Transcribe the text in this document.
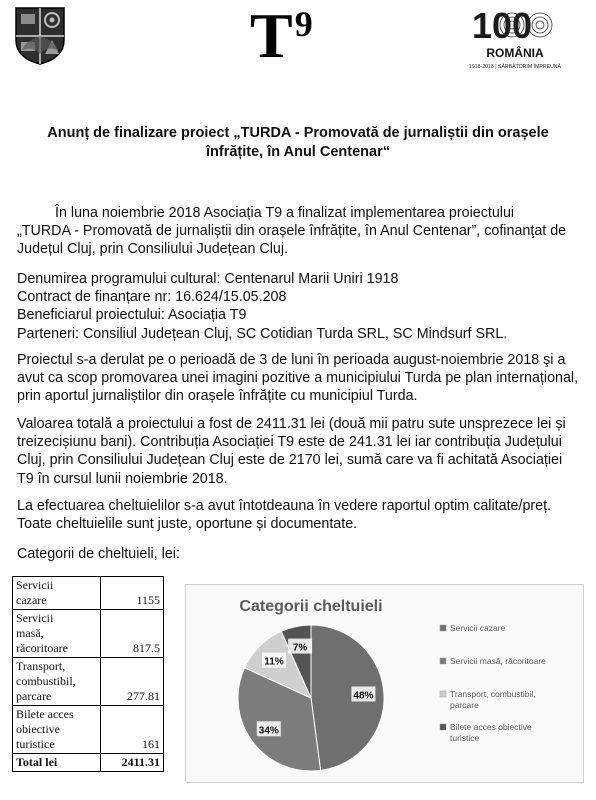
$T^9$	100
ROMÂNIA
1918-2018 | SĂRBĂTORIM ÎMPREUNĂ
Anunț de finalizare proiect „TURDA - Promovată de jurnaliștii din orașele
înfrățite, în Anul Centenar“
În luna noiembrie 2018 Asociația T9 a finalizat implementarea proiectului
„TURDA - Promovată de jurnaliștii din orașele înfrățite, în Anul Centenar”, cofinanţat de
Județul Cluj, prin Consiliului Județean Cluj.
Denumirea programului cultural: Centenarul Marii Uniri 1918
Contract de finanțare nr: 16.624/15.05.208
Beneficiarul proiectului: Asociația T9
Parteneri: Consiliul Județean Cluj, SC Cotidian Turda SRL, SC Mindsurf SRL.
Proiectul s-a derulat pe o perioadă de 3 de luni în perioada august-noiembrie 2018 şi a
avut ca scop promovarea unei imagini pozitive a municipiului Turda pe plan internațional,
prin aportul jurnaliștilor din orașele înfrățite cu municipiul Turda.
Valoarea totală a proiectului a fost de 2411.31 lei (două mii patru sute unsprezece lei și
treizecișiunu bani). Contribuția Asociației T9 este de 241.31 lei iar contribuția Județului
Cluj, prin Consiliului Județean Cluj este de 2170 lei, sumă care va fi achitată Asociației
T9 în cursul lunii noiembrie 2018.
La efectuarea cheltuielilor s-a avut întotdeauna în vedere raportul optim calitate/preț.
Toate cheltuielile sunt juste, oportune și documentate.
Categorii de cheltuieli, lei:
Servicii
cazare	1155
Servicii
masă,
răcoritoare	817.5
Transport,
combustibil,
parcare	277.81
Bilete acces
obiective
turistice	161
Total lei	2411.31
Categorii cheltuieli
48%
34%
11%
7%
Servicii cazare
Servicii masă, răcoritoare
Transport, combustibil,
parcare
Bilete acces obiective
turistice
